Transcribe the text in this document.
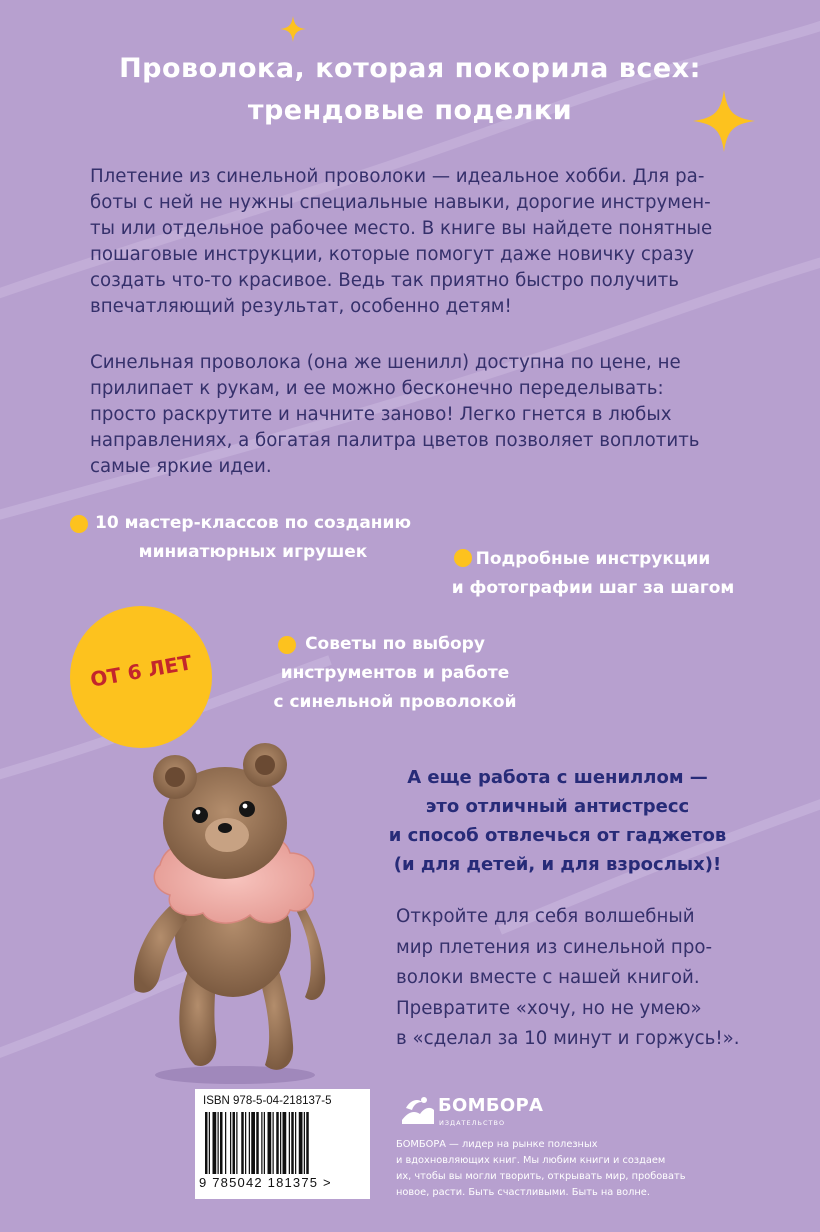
Проволока, которая покорила всех:
трендовые поделки
Плетение из синельной проволоки — идеальное хобби. Для ра-
боты с ней не нужны специальные навыки, дорогие инструмен-
ты или отдельное рабочее место. В книге вы найдете понятные
пошаговые инструкции, которые помогут даже новичку сразу
создать что-то красивое. Ведь так приятно быстро получить
впечатляющий результат, особенно детям!
Синельная проволока (она же шенилл) доступна по цене, не
прилипает к рукам, и ее можно бесконечно переделывать:
просто раскрутите и начните заново! Легко гнется в любых
направлениях, а богатая палитра цветов позволяет воплотить
самые яркие идеи.
10 мастер-классов по созданию
миниатюрных игрушек	Подробные инструкции
и фотографии шаг за шагом
Советы по выбору
инструментов и работе
с синельной проволокой
ОТ 6 ЛЕТ
А еще работа с шениллом —
это отличный антистресс
и способ отвлечься от гаджетов
(и для детей, и для взрослых)!
Откройте для себя волшебный
мир плетения из синельной про-
волоки вместе с нашей книгой.
Превратите «хочу, но не умею»
в «сделал за 10 минут и горжусь!».
ISBN 978-5-04-218137-5
9 785042 181375 >
БОМБОРА
ИЗДАТЕЛЬСТВО
БОМБОРА — лидер на рынке полезных
и вдохновляющих книг. Мы любим книги и создаем
их, чтобы вы могли творить, открывать мир, пробовать
новое, расти. Быть счастливыми. Быть на волне.
